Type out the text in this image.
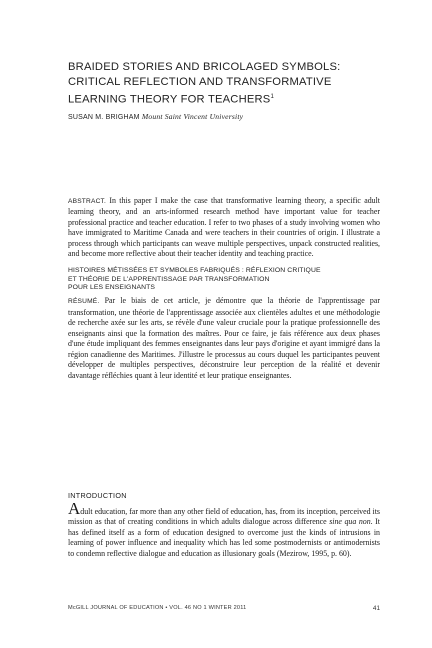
BRAIDED STORIES AND BRICOLAGED SYMBOLS:
CRITICAL REFLECTION AND TRANSFORMATIVE
LEARNING THEORY FOR TEACHERS$^1$
SUSAN M. BRIGHAM Mount Saint Vincent University
ABSTRACT. In this paper I make the case that transformative learning theory, a specific adult learning theory, and an arts-informed research method have important value for teacher professional practice and teacher education. I refer to two phases of a study involving women who have immigrated to Maritime Canada and were teachers in their countries of origin. I illustrate a process through which participants can weave multiple perspectives, unpack constructed realities, and become more reflective about their teacher identity and teaching practice.
HISTOIRES MÉTISSÉES ET SYMBOLES FABRIQUÉS : RÉFLEXION CRITIQUE
ET THÉORIE DE L'APPRENTISSAGE PAR TRANSFORMATION
POUR LES ENSEIGNANTS
RÉSUMÉ. Par le biais de cet article, je démontre que la théorie de l'apprentissage par transformation, une théorie de l'apprentissage associée aux clientèles adultes et une méthodologie de recherche axée sur les arts, se révèle d'une valeur cruciale pour la pratique professionnelle des enseignants ainsi que la formation des maîtres. Pour ce faire, je fais référence aux deux phases d'une étude impliquant des femmes enseignantes dans leur pays d'origine et ayant immigré dans la région canadienne des Maritimes. J'illustre le processus au cours duquel les participantes peuvent développer de multiples perspectives, déconstruire leur perception de la réalité et devenir davantage réfléchies quant à leur identité et leur pratique enseignantes.
INTRODUCTION
Adult education, far more than any other field of education, has, from its inception, perceived its mission as that of creating conditions in which adults dialogue across difference sine qua non. It has defined itself as a form of education designed to overcome just the kinds of intrusions in learning of power influence and inequality which has led some postmodernists or antimodernists to condemn reflective dialogue and education as illusionary goals (Mezirow, 1995, p. 60).
McGILL JOURNAL OF EDUCATION • VOL. 46 NO 1 WINTER 2011	41
